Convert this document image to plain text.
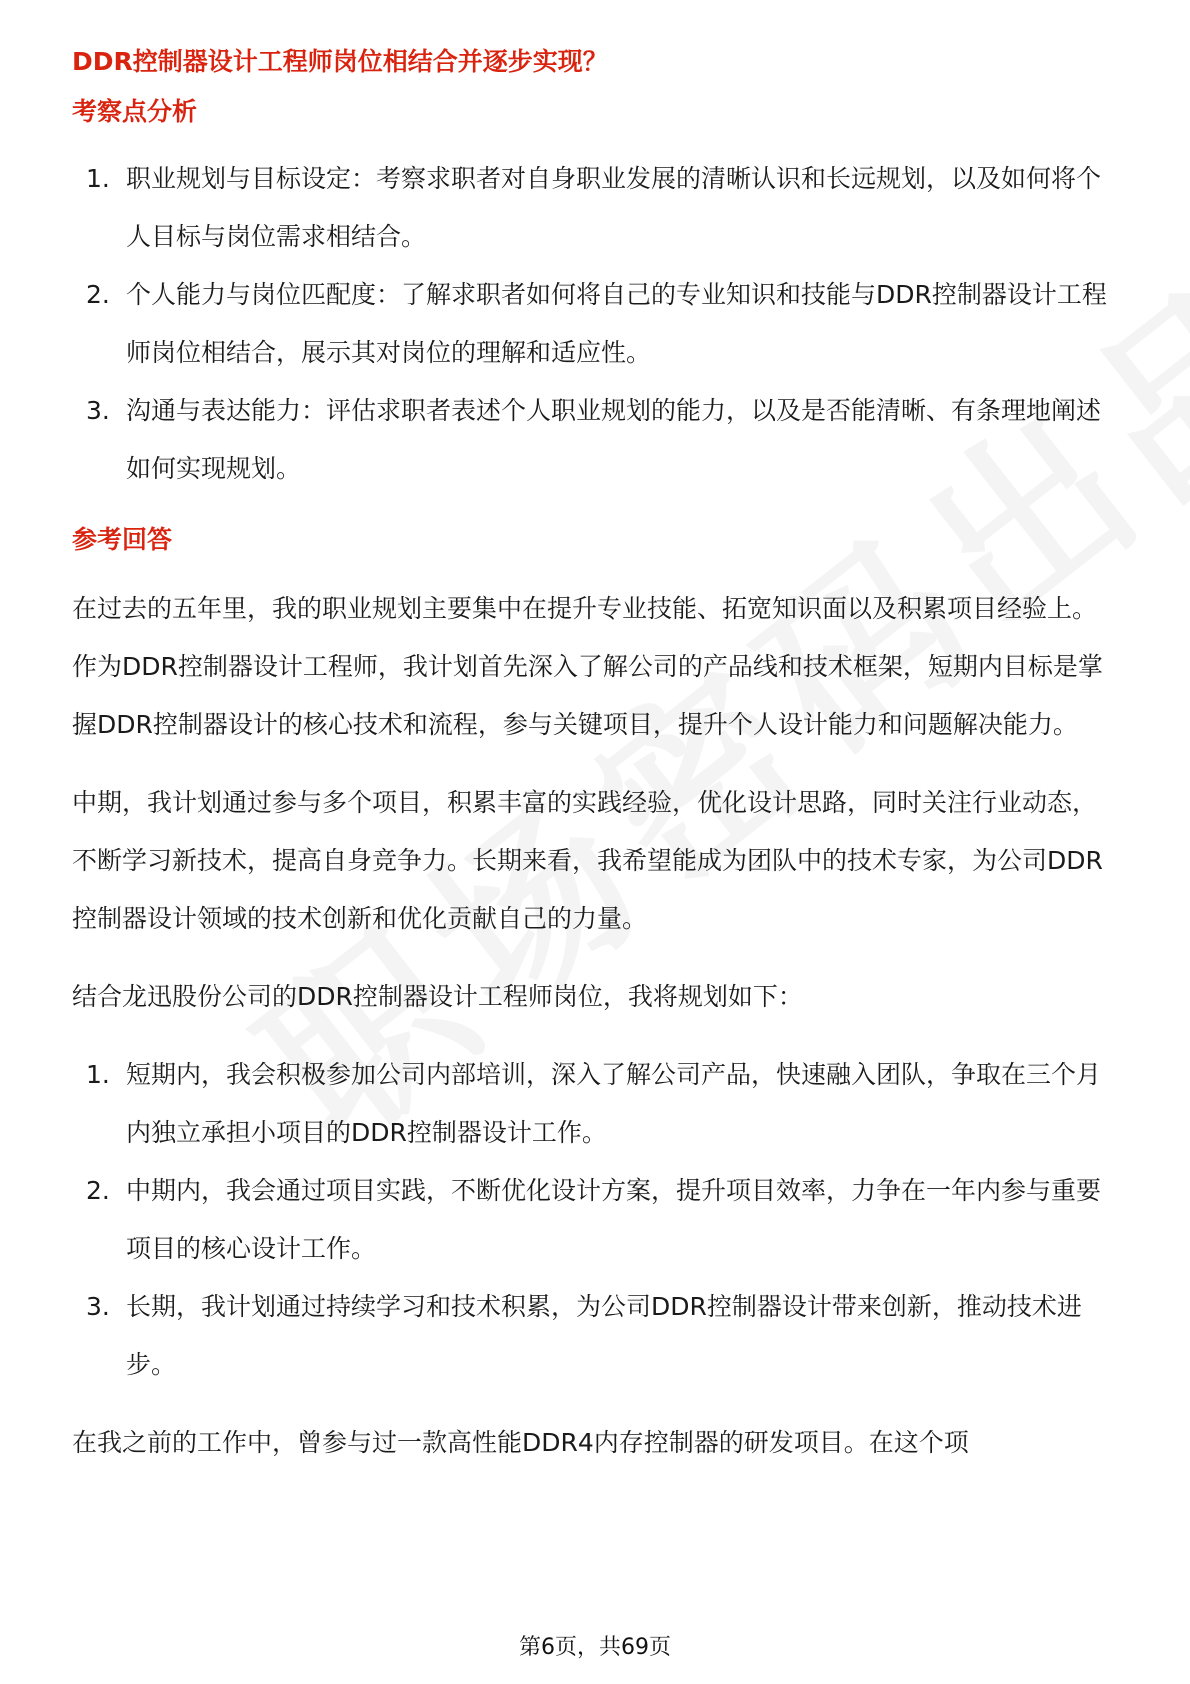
DDR控制器设计工程师岗位相结合并逐步实现？

考察点分析

1. 职业规划与目标设定：考察求职者对自身职业发展的清晰认识和长远规划，以及如何将个人目标与岗位需求相结合。
2. 个人能力与岗位匹配度：了解求职者如何将自己的专业知识和技能与DDR控制器设计工程师岗位相结合，展示其对岗位的理解和适应性。
3. 沟通与表达能力：评估求职者表述个人职业规划的能力，以及是否能清晰、有条理地阐述如何实现规划。

参考回答

在过去的五年里，我的职业规划主要集中在提升专业技能、拓宽知识面以及积累项目经验上。作为DDR控制器设计工程师，我计划首先深入了解公司的产品线和技术框架，短期内目标是掌握DDR控制器设计的核心技术和流程，参与关键项目，提升个人设计能力和问题解决能力。

中期，我计划通过参与多个项目，积累丰富的实践经验，优化设计思路，同时关注行业动态，不断学习新技术，提高自身竞争力。长期来看，我希望能成为团队中的技术专家，为公司DDR控制器设计领域的技术创新和优化贡献自己的力量。

结合龙迅股份公司的DDR控制器设计工程师岗位，我将规划如下：

1. 短期内，我会积极参加公司内部培训，深入了解公司产品，快速融入团队，争取在三个月内独立承担小项目的DDR控制器设计工作。
2. 中期内，我会通过项目实践，不断优化设计方案，提升项目效率，力争在一年内参与重要项目的核心设计工作。
3. 长期，我计划通过持续学习和技术积累，为公司DDR控制器设计带来创新，推动技术进步。

在我之前的工作中，曾参与过一款高性能DDR4内存控制器的研发项目。在这个项

第6页，共69页
